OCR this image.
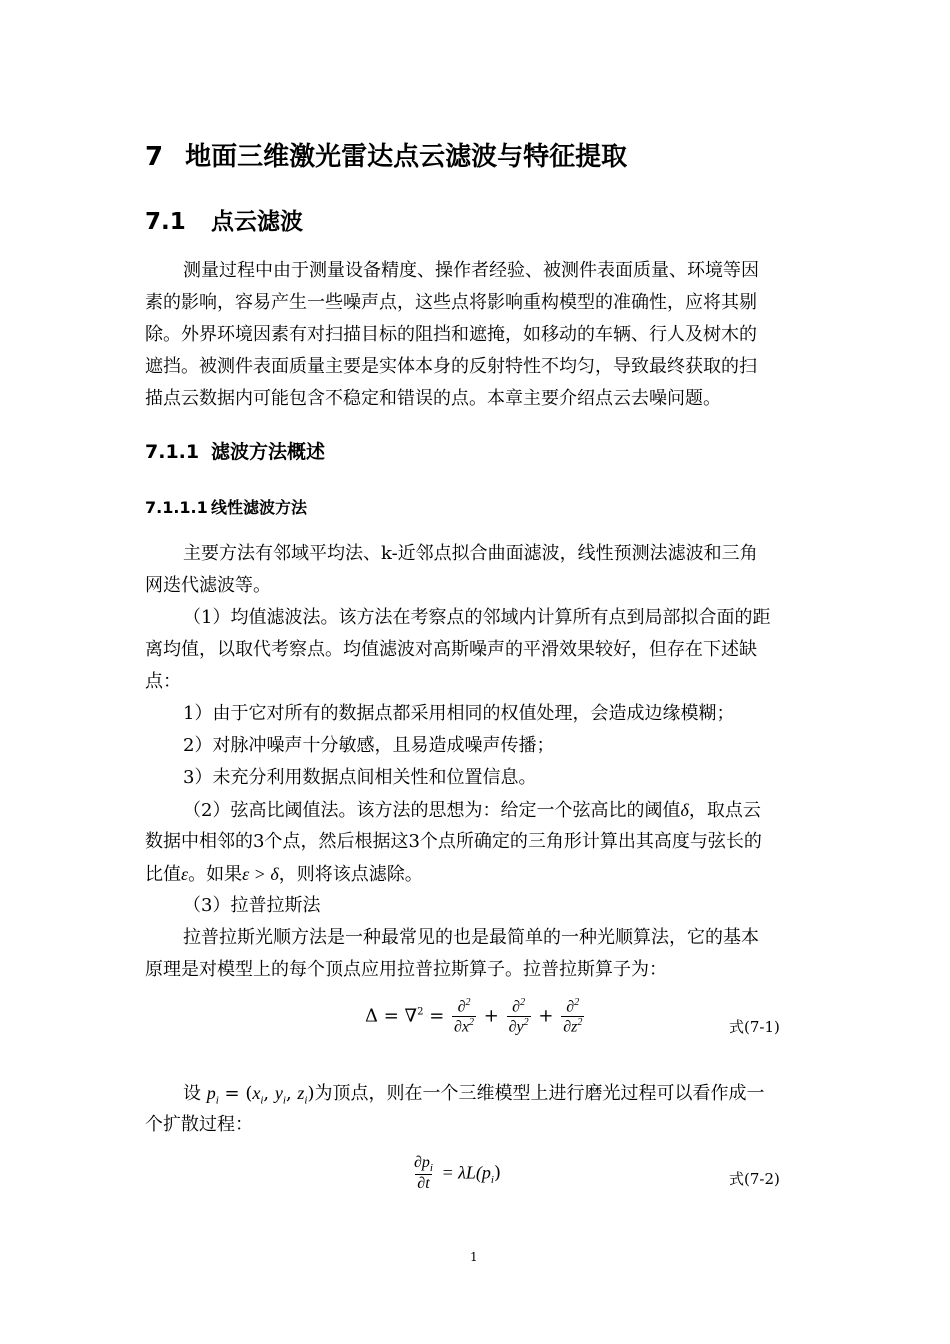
7 地面三维激光雷达点云滤波与特征提取
7.1 点云滤波
测量过程中由于测量设备精度、操作者经验、被测件表面质量、环境等因
素的影响，容易产生一些噪声点，这些点将影响重构模型的准确性，应将其剔
除。外界环境因素有对扫描目标的阻挡和遮掩，如移动的车辆、行人及树木的
遮挡。被测件表面质量主要是实体本身的反射特性不均匀，导致最终获取的扫
描点云数据内可能包含不稳定和错误的点。本章主要介绍点云去噪问题。
7.1.1 滤波方法概述
7.1.1.1 线性滤波方法
主要方法有邻域平均法、k-近邻点拟合曲面滤波，线性预测法滤波和三角
网迭代滤波等。
（1）均值滤波法。该方法在考察点的邻域内计算所有点到局部拟合面的距
离均值，以取代考察点。均值滤波对高斯噪声的平滑效果较好，但存在下述缺
点：
1）由于它对所有的数据点都采用相同的权值处理，会造成边缘模糊；
2）对脉冲噪声十分敏感，且易造成噪声传播；
3）未充分利用数据点间相关性和位置信息。
（2）弦高比阈值法。该方法的思想为：给定一个弦高比的阈值δ，取点云
数据中相邻的3个点，然后根据这3个点所确定的三角形计算出其高度与弦长的
比值ε。如果ε > δ，则将该点滤除。
（3）拉普拉斯法
拉普拉斯光顺方法是一种最常见的也是最简单的一种光顺算法，它的基本
原理是对模型上的每个顶点应用拉普拉斯算子。拉普拉斯算子为：
$\Delta = \nabla^2 = \frac{\partial^2}{\partial x^2} + \frac{\partial^2}{\partial y^2} + \frac{\partial^2}{\partial z^2}$	式(7-1)
设 $p_i = (x_i$, $y_i$, $z_i$)为顶点，则在一个三维模型上进行磨光过程可以看作成一
个扩散过程：
$\frac{\partial p_i}{\partial t} = \lambda L(p_i)$	式(7-2)
1
